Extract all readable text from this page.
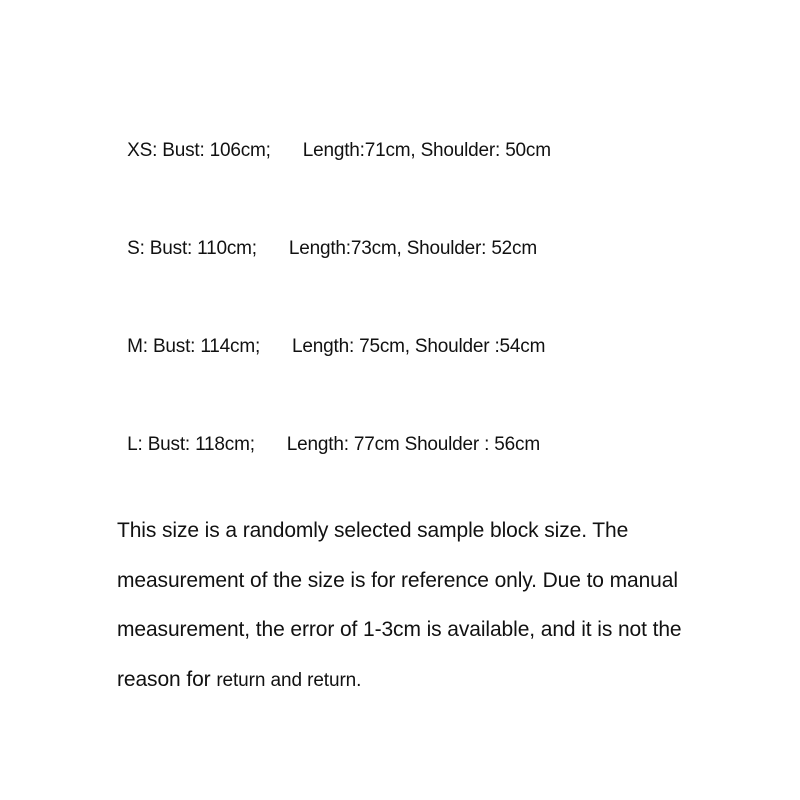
XS: Bust: 106cm; Length:71cm, Shoulder: 50cm

S: Bust: 110cm; Length:73cm, Shoulder: 52cm

M: Bust: 114cm; Length: 75cm, Shoulder :54cm

L: Bust: 118cm; Length: 77cm Shoulder : 56cm

This size is a randomly selected sample block size. The
measurement of the size is for reference only. Due to manual
measurement, the error of 1-3cm is available, and it is not the
reason for return and return.
